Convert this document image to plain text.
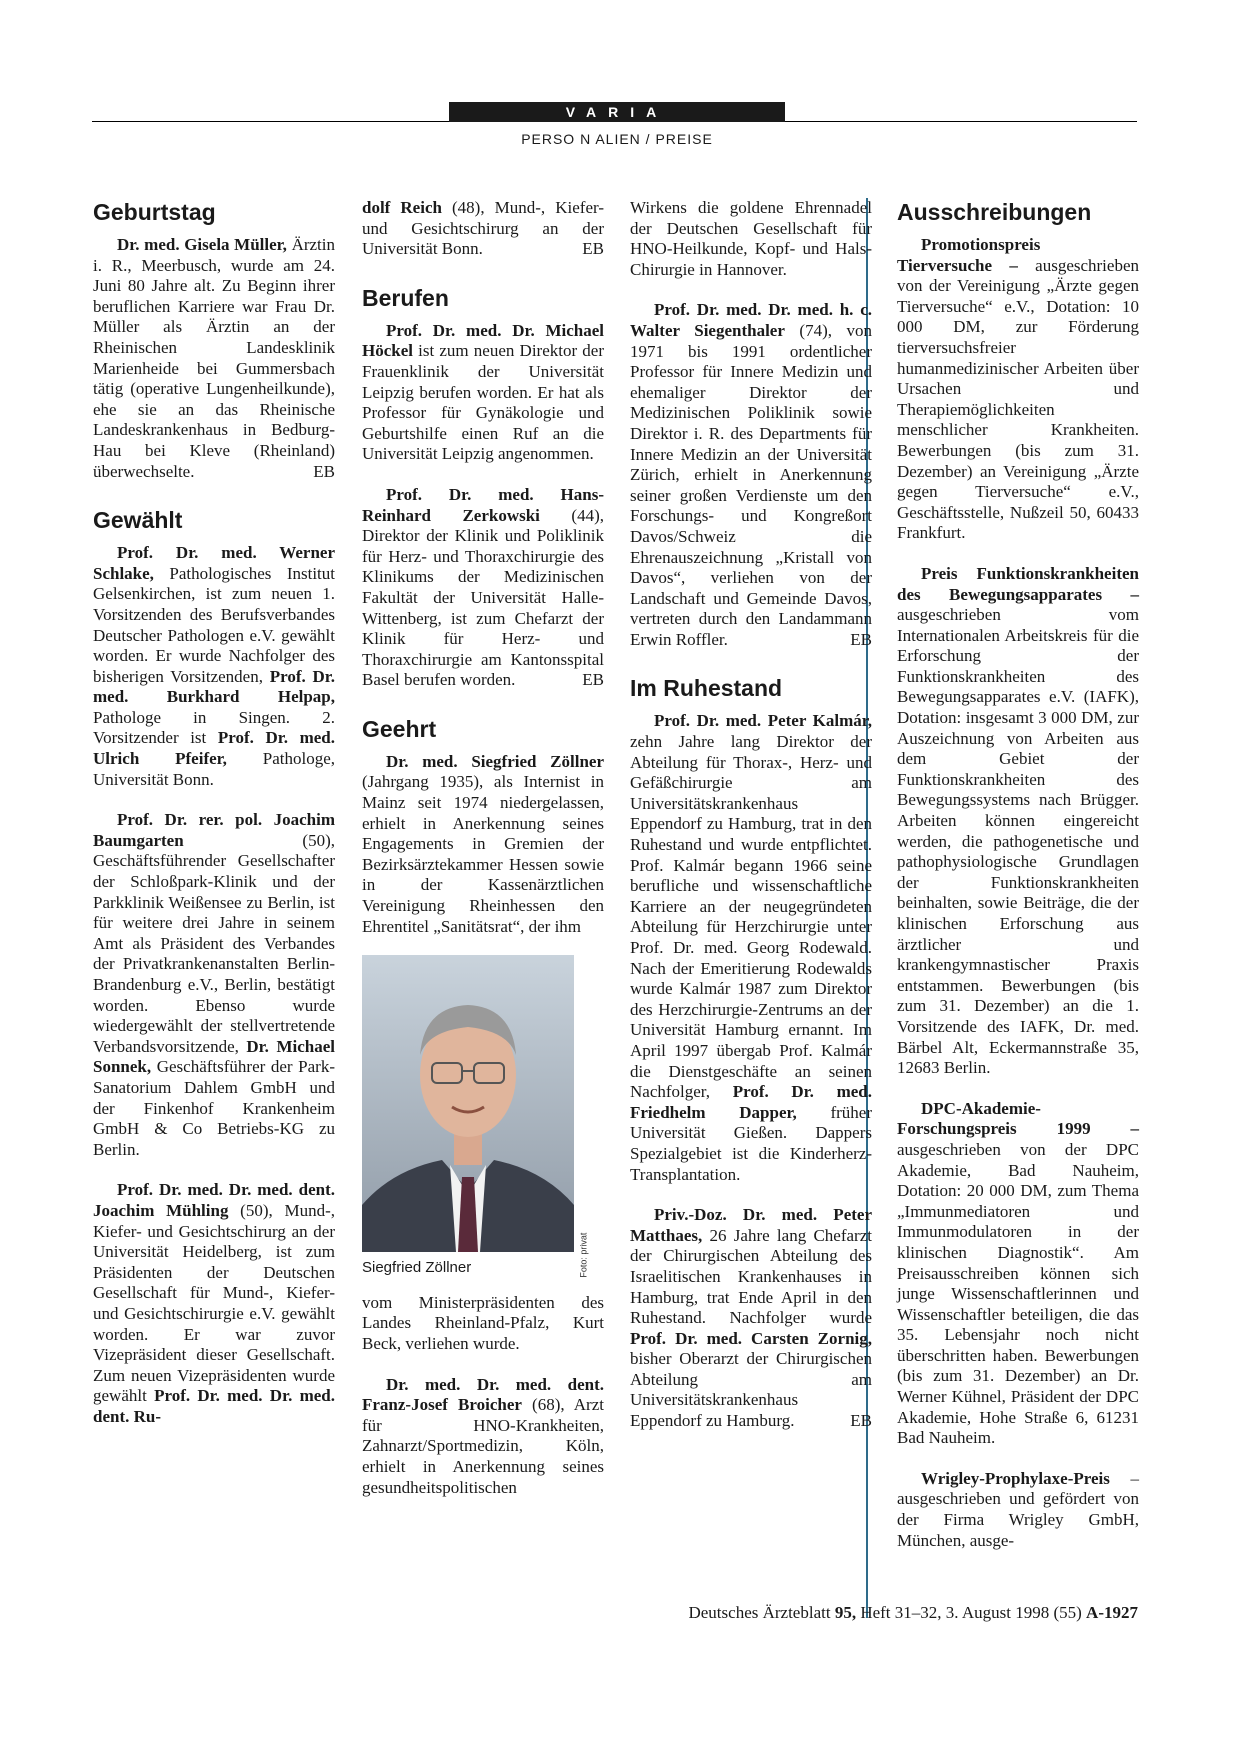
VARIA
PERSO N ALIEN / PREISE
Geburtstag

Dr. med. Gisela Müller, Ärztin i. R., Meerbusch, wurde am 24. Juni 80 Jahre alt. Zu Beginn ihrer beruflichen Karriere war Frau Dr. Müller als Ärztin an der Rheinischen Landesklinik Marienheide bei Gummersbach tätig (operative Lungenheilkunde), ehe sie an das Rheinische Landeskrankenhaus in Bedburg-Hau bei Kleve (Rheinland) überwechselte.	EB

Gewählt

Prof. Dr. med. Werner Schlake, Pathologisches Institut Gelsenkirchen, ist zum neuen 1. Vorsitzenden des Berufsverbandes Deutscher Pathologen e.V. gewählt worden. Er wurde Nachfolger des bisherigen Vorsitzenden, Prof. Dr. med. Burkhard Helpap, Pathologe in Singen. 2. Vorsitzender ist Prof. Dr. med. Ulrich Pfeifer, Pathologe, Universität Bonn.

Prof. Dr. rer. pol. Joachim Baumgarten (50), Geschäftsführender Gesellschafter der Schloßpark-Klinik und der Parkklinik Weißensee zu Berlin, ist für weitere drei Jahre in seinem Amt als Präsident des Verbandes der Privatkrankenanstalten Berlin-Brandenburg e.V., Berlin, bestätigt worden. Ebenso wurde wiedergewählt der stellvertretende Verbandsvorsitzende, Dr. Michael Sonnek, Geschäftsführer der Park-Sanatorium Dahlem GmbH und der Finkenhof Krankenheim GmbH & Co Betriebs-KG zu Berlin.

Prof. Dr. med. Dr. med. dent. Joachim Mühling (50), Mund-, Kiefer- und Gesichtschirurg an der Universität Heidelberg, ist zum Präsidenten der Deutschen Gesellschaft für Mund-, Kiefer- und Gesichtschirurgie e.V. gewählt worden. Er war zuvor Vizepräsident dieser Gesellschaft. Zum neuen Vizepräsidenten wurde gewählt Prof. Dr. med. Dr. med. dent. Ru-

dolf Reich (48), Mund-, Kiefer- und Gesichtschirurg an der Universität Bonn.	EB

Berufen

Prof. Dr. med. Dr. Michael Höckel ist zum neuen Direktor der Frauenklinik der Universität Leipzig berufen worden. Er hat als Professor für Gynäkologie und Geburtshilfe einen Ruf an die Universität Leipzig angenommen.

Prof. Dr. med. Hans-Reinhard Zerkowski (44), Direktor der Klinik und Poliklinik für Herz- und Thoraxchirurgie des Klinikums der Medizinischen Fakultät der Universität Halle-Wittenberg, ist zum Chefarzt der Klinik für Herz- und Thoraxchirurgie am Kantonsspital Basel berufen worden.	EB

Geehrt

Dr. med. Siegfried Zöllner (Jahrgang 1935), als Internist in Mainz seit 1974 niedergelassen, erhielt in Anerkennung seines Engagements in Gremien der Bezirksärztekammer Hessen sowie in der Kassenärztlichen Vereinigung Rheinhessen den Ehrentitel „Sanitätsrat“, der ihm

Foto: privat
Siegfried Zöllner

vom Ministerpräsidenten des Landes Rheinland-Pfalz, Kurt Beck, verliehen wurde.

Dr. med. Dr. med. dent. Franz-Josef Broicher (68), Arzt für HNO-Krankheiten, Zahnarzt/Sportmedizin, Köln, erhielt in Anerkennung seines gesundheitspolitischen

Wirkens die goldene Ehrennadel der Deutschen Gesellschaft für HNO-Heilkunde, Kopf- und Hals-Chirurgie in Hannover.

Prof. Dr. med. Dr. med. h. c. Walter Siegenthaler (74), von 1971 bis 1991 ordentlicher Professor für Innere Medizin und ehemaliger Direktor der Medizinischen Poliklinik sowie Direktor i. R. des Departments für Innere Medizin an der Universität Zürich, erhielt in Anerkennung seiner großen Verdienste um den Forschungs- und Kongreßort Davos/Schweiz die Ehrenauszeichnung „Kristall von Davos“, verliehen von der Landschaft und Gemeinde Davos, vertreten durch den Landammann Erwin Roffler.	EB

Im Ruhestand

Prof. Dr. med. Peter Kalmár, zehn Jahre lang Direktor der Abteilung für Thorax-, Herz- und Gefäßchirurgie am Universitätskrankenhaus Eppendorf zu Hamburg, trat in den Ruhestand und wurde entpflichtet. Prof. Kalmár begann 1966 seine berufliche und wissenschaftliche Karriere an der neugegründeten Abteilung für Herzchirurgie unter Prof. Dr. med. Georg Rodewald. Nach der Emeritierung Rodewalds wurde Kalmár 1987 zum Direktor des Herzchirurgie-Zentrums an der Universität Hamburg ernannt. Im April 1997 übergab Prof. Kalmár die Dienstgeschäfte an seinen Nachfolger, Prof. Dr. med. Friedhelm Dapper, früher Universität Gießen. Dappers Spezialgebiet ist die Kinderherz-Transplantation.

Priv.-Doz. Dr. med. Peter Matthaes, 26 Jahre lang Chefarzt der Chirurgischen Abteilung des Israelitischen Krankenhauses in Hamburg, trat Ende April in den Ruhestand. Nachfolger wurde Prof. Dr. med. Carsten Zornig, bisher Oberarzt der Chirurgischen Abteilung am Universitätskrankenhaus Eppendorf zu Hamburg.	EB

Ausschreibungen

Promotionspreis Tierversuche – ausgeschrieben von der Vereinigung „Ärzte gegen Tierversuche“ e.V., Dotation: 10 000 DM, zur Förderung tierversuchsfreier humanmedizinischer Arbeiten über Ursachen und Therapiemöglichkeiten menschlicher Krankheiten. Bewerbungen (bis zum 31. Dezember) an Vereinigung „Ärzte gegen Tierversuche“ e.V., Geschäftsstelle, Nußzeil 50, 60433 Frankfurt.

Preis Funktionskrankheiten des Bewegungsapparates – ausgeschrieben vom Internationalen Arbeitskreis für die Erforschung der Funktionskrankheiten des Bewegungsapparates e.V. (IAFK), Dotation: insgesamt 3 000 DM, zur Auszeichnung von Arbeiten aus dem Gebiet der Funktionskrankheiten des Bewegungssystems nach Brügger. Arbeiten können eingereicht werden, die pathogenetische und pathophysiologische Grundlagen der Funktionskrankheiten beinhalten, sowie Beiträge, die der klinischen Erforschung aus ärztlicher und krankengymnastischer Praxis entstammen. Bewerbungen (bis zum 31. Dezember) an die 1. Vorsitzende des IAFK, Dr. med. Bärbel Alt, Eckermannstraße 35, 12683 Berlin.

DPC-Akademie-Forschungspreis 1999 – ausgeschrieben von der DPC Akademie, Bad Nauheim, Dotation: 20 000 DM, zum Thema „Immunmediatoren und Immunmodulatoren in der klinischen Diagnostik“. Am Preisausschreiben können sich junge Wissenschaftlerinnen und Wissenschaftler beteiligen, die das 35. Lebensjahr noch nicht überschritten haben. Bewerbungen (bis zum 31. Dezember) an Dr. Werner Kühnel, Präsident der DPC Akademie, Hohe Straße 6, 61231 Bad Nauheim.

Wrigley-Prophylaxe-Preis – ausgeschrieben und gefördert von der Firma Wrigley GmbH, München, ausge-

Deutsches Ärzteblatt 95, Heft 31–32, 3. August 1998 (55) A-1927
